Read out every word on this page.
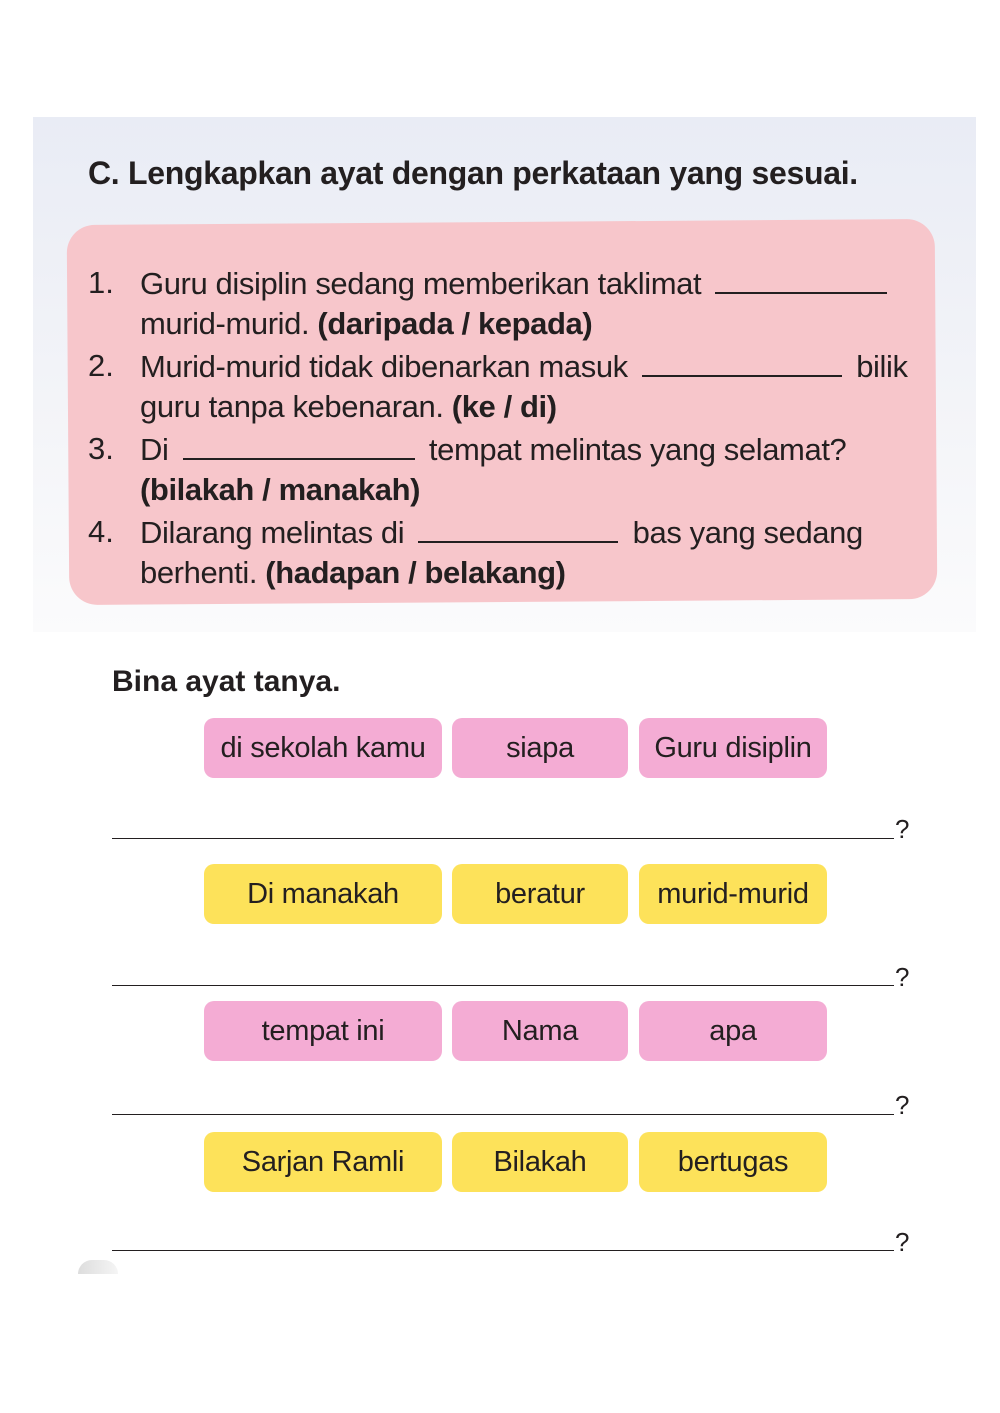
C. Lengkapkan ayat dengan perkataan yang sesuai.
1. Guru disiplin sedang memberikan taklimat
murid-murid. (daripada / kepada)
2. Murid-murid tidak dibenarkan masuk	bilik
guru tanpa kebenaran. (ke / di)
3. Di	tempat melintas yang selamat?
(bilakah / manakah)
4. Dilarang melintas di	bas yang sedang
berhenti. (hadapan / belakang)
Bina ayat tanya.
di sekolah kamu	siapa	Guru disiplin
?
Di manakah	beratur	murid-murid
?
tempat ini	Nama	apa
?
Sarjan Ramli	Bilakah	bertugas
?
